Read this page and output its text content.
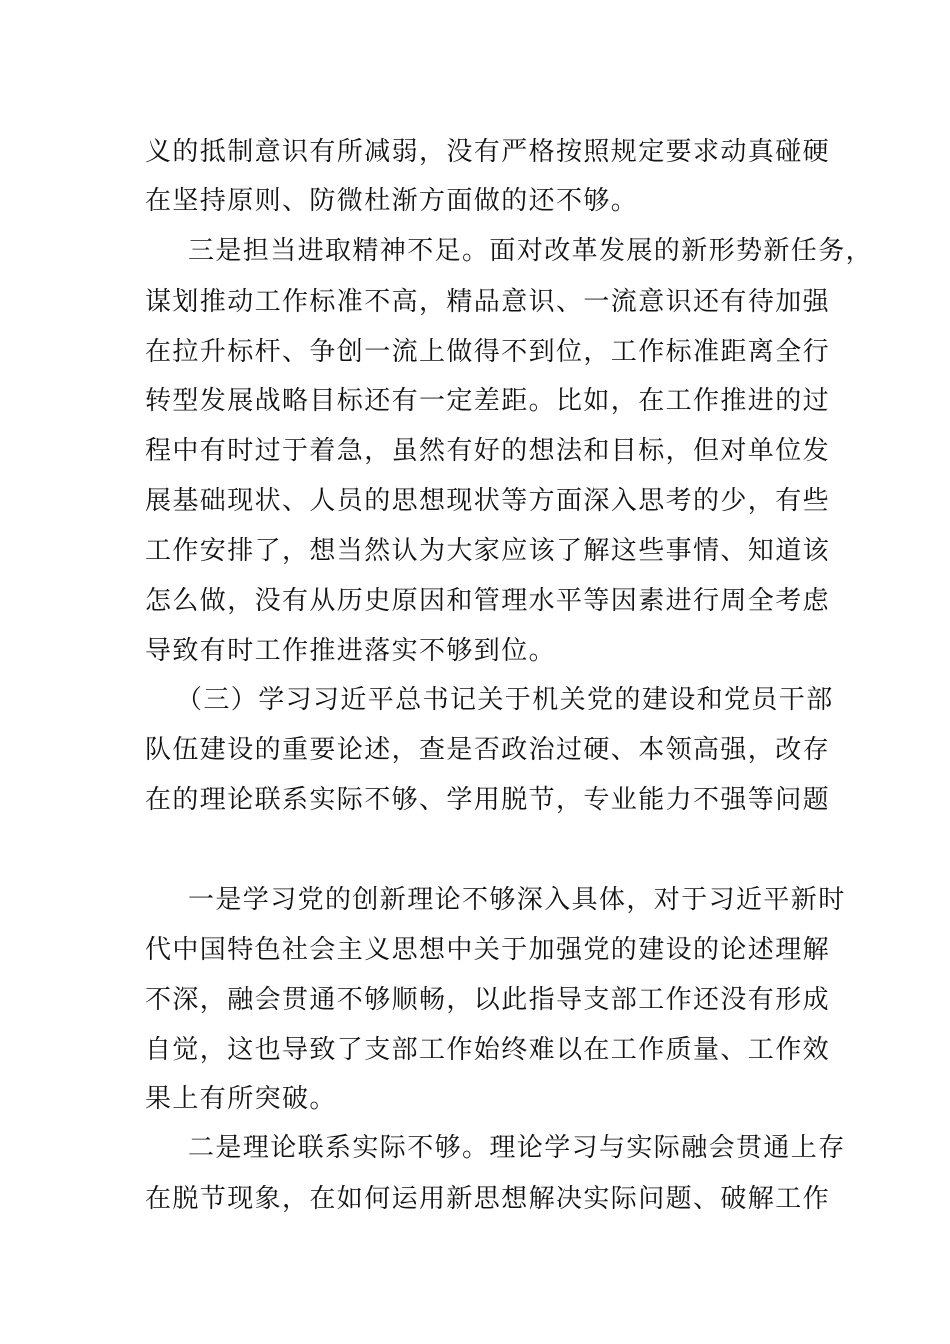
义的抵制意识有所减弱，没有严格按照规定要求动真碰硬
在坚持原则、防微杜渐方面做的还不够。
三是担当进取精神不足。面对改革发展的新形势新任务，
谋划推动工作标准不高，精品意识、一流意识还有待加强
在拉升标杆、争创一流上做得不到位，工作标准距离全行
转型发展战略目标还有一定差距。比如，在工作推进的过
程中有时过于着急，虽然有好的想法和目标，但对单位发
展基础现状、人员的思想现状等方面深入思考的少，有些
工作安排了，想当然认为大家应该了解这些事情、知道该
怎么做，没有从历史原因和管理水平等因素进行周全考虑
导致有时工作推进落实不够到位。
（三）学习习近平总书记关于机关党的建设和党员干部
队伍建设的重要论述，查是否政治过硬、本领高强，改存
在的理论联系实际不够、学用脱节，专业能力不强等问题
一是学习党的创新理论不够深入具体，对于习近平新时
代中国特色社会主义思想中关于加强党的建设的论述理解
不深，融会贯通不够顺畅，以此指导支部工作还没有形成
自觉，这也导致了支部工作始终难以在工作质量、工作效
果上有所突破。
二是理论联系实际不够。理论学习与实际融会贯通上存
在脱节现象，在如何运用新思想解决实际问题、破解工作
